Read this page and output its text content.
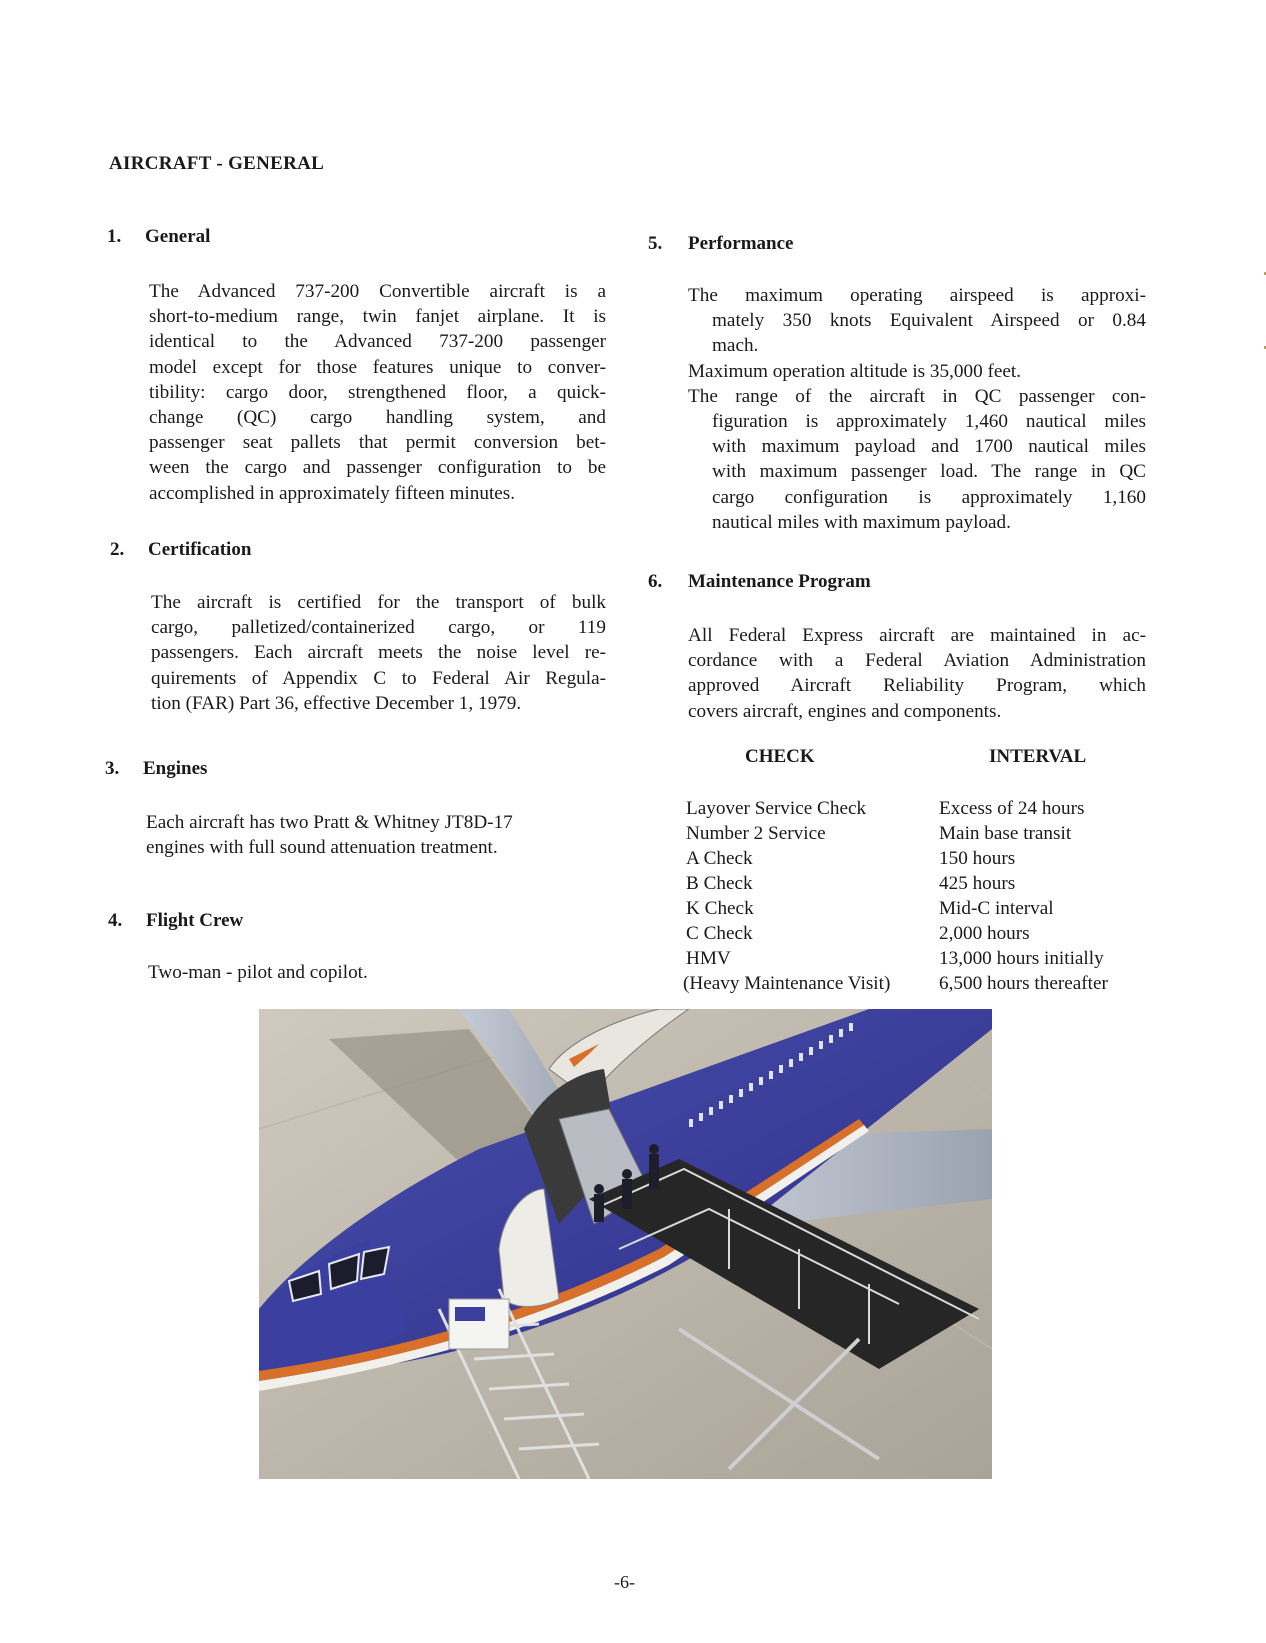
AIRCRAFT - GENERAL
1. General
The Advanced 737-200 Convertible aircraft is a
short-to-medium range, twin fanjet airplane. It is
identical to the Advanced 737-200 passenger
model except for those features unique to conver-
tibility: cargo door, strengthened floor, a quick-
change (QC) cargo handling system, and
passenger seat pallets that permit conversion bet-
ween the cargo and passenger configuration to be
accomplished in approximately fifteen minutes.
2. Certification
The aircraft is certified for the transport of bulk
cargo, palletized/containerized cargo, or 119
passengers. Each aircraft meets the noise level re-
quirements of Appendix C to Federal Air Regula-
tion (FAR) Part 36, effective December 1, 1979.
3. Engines
Each aircraft has two Pratt & Whitney JT8D-17
engines with full sound attenuation treatment.
4. Flight Crew
Two-man - pilot and copilot.
5. Performance
The maximum operating airspeed is approxi-
mately 350 knots Equivalent Airspeed or 0.84
mach.
Maximum operation altitude is 35,000 feet.
The range of the aircraft in QC passenger con-
figuration is approximately 1,460 nautical miles
with maximum payload and 1700 nautical miles
with maximum passenger load. The range in QC
cargo configuration is approximately 1,160
nautical miles with maximum payload.
6. Maintenance Program
All Federal Express aircraft are maintained in ac-
cordance with a Federal Aviation Administration
approved Aircraft Reliability Program, which
covers aircraft, engines and components.
CHECK	INTERVAL
Layover Service Check	Excess of 24 hours
Number 2 Service	Main base transit
A Check	150 hours
B Check	425 hours
K Check	Mid-C interval
C Check	2,000 hours
HMV	13,000 hours initially
(Heavy Maintenance Visit)	6,500 hours thereafter
-6-
